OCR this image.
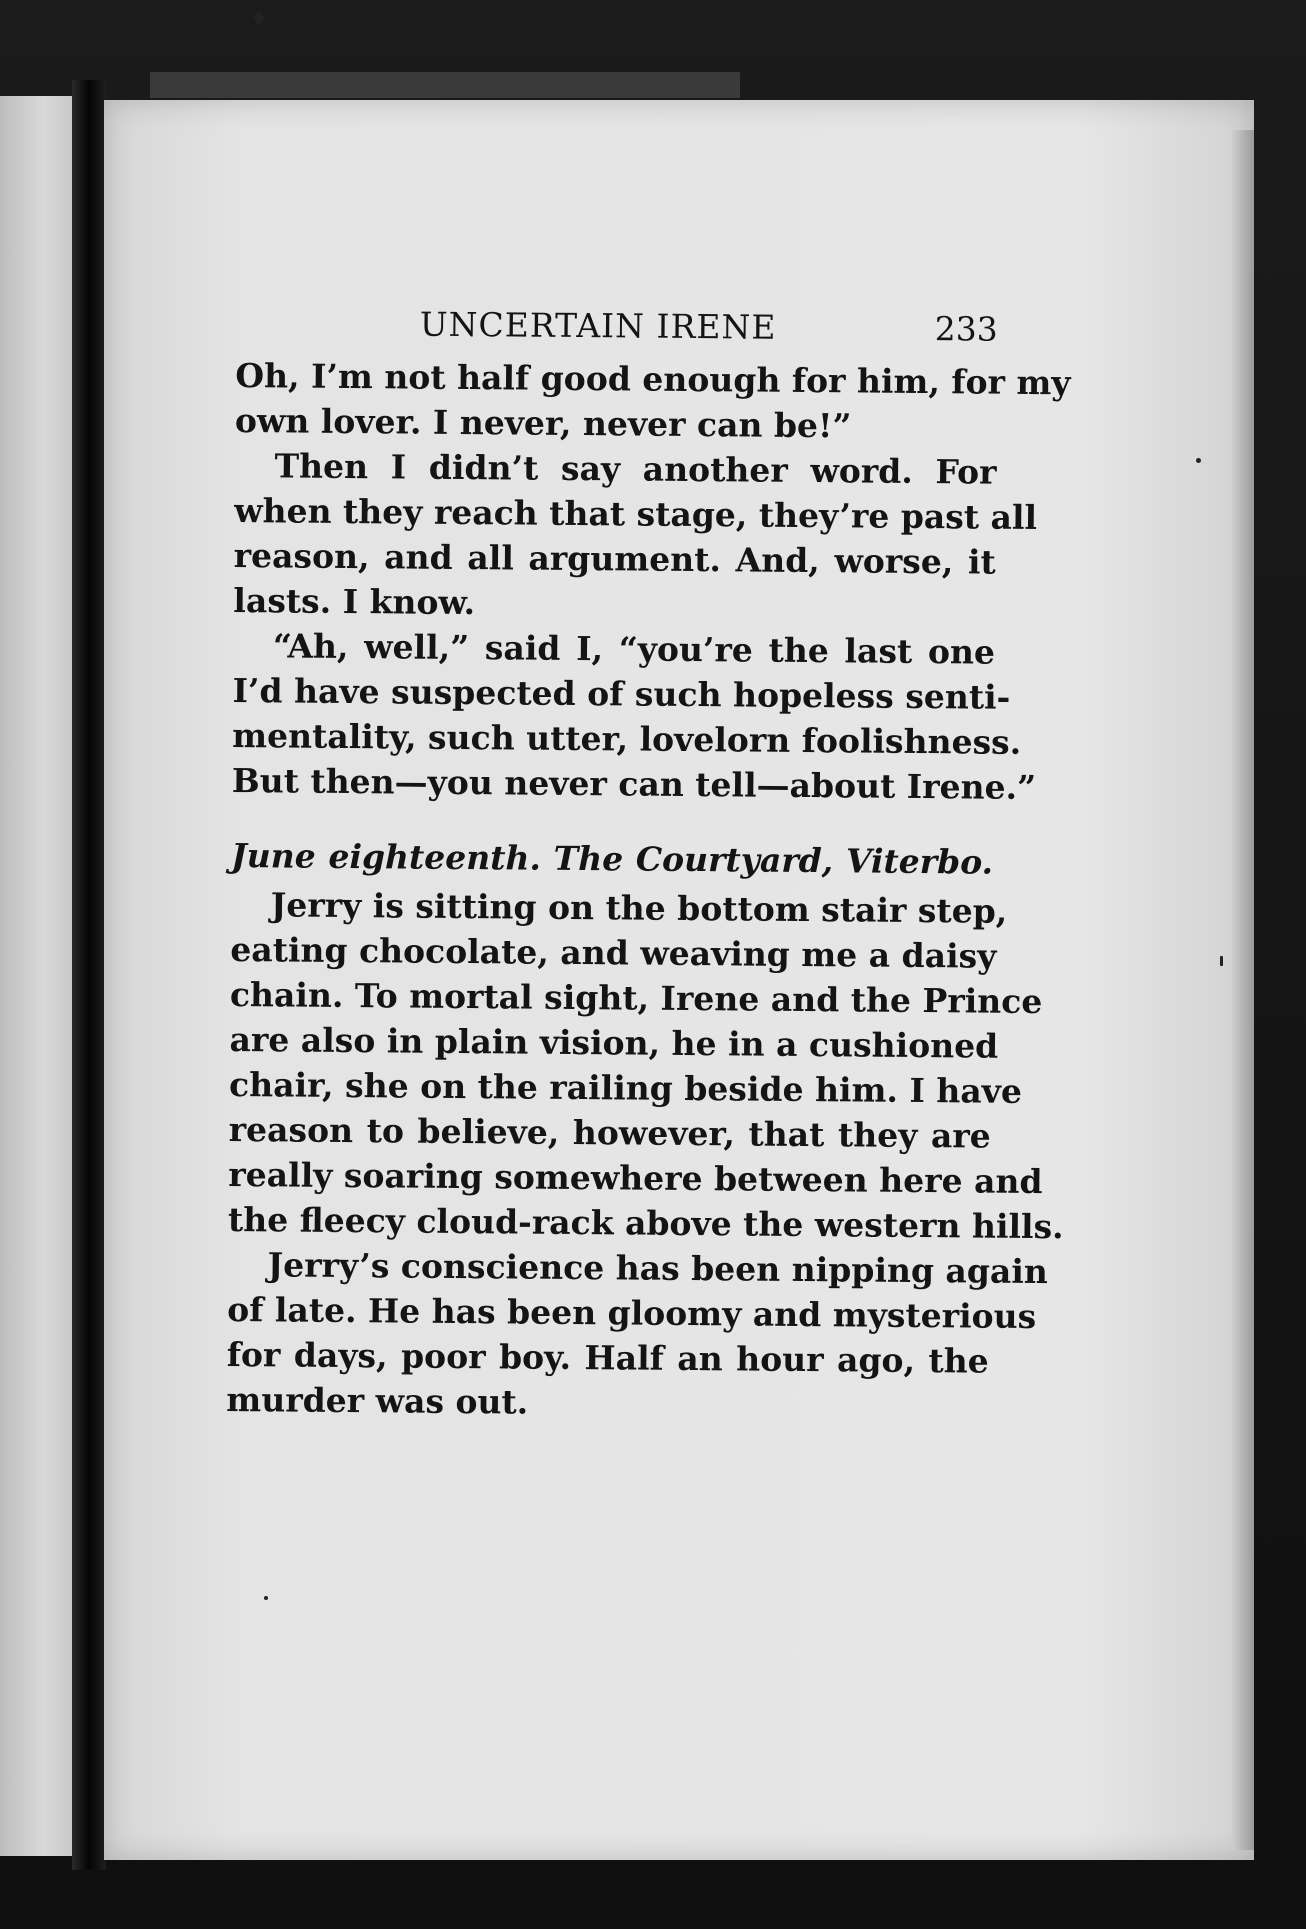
UNCERTAIN IRENE	233
Oh, I’m not half good enough for him, for my
own lover. I never, never can be!”
Then I didn’t say another word. For
when they reach that stage, they’re past all
reason, and all argument. And, worse, it
lasts. I know.
“Ah, well,” said I, “you’re the last one
I’d have suspected of such hopeless senti-
mentality, such utter, lovelorn foolishness.
But then—you never can tell—about Irene.”
June eighteenth. The Courtyard, Viterbo.
Jerry is sitting on the bottom stair step,
eating chocolate, and weaving me a daisy
chain. To mortal sight, Irene and the Prince
are also in plain vision, he in a cushioned
chair, she on the railing beside him. I have
reason to believe, however, that they are
really soaring somewhere between here and
the fleecy cloud-rack above the western hills.
Jerry’s conscience has been nipping again
of late. He has been gloomy and mysterious
for days, poor boy. Half an hour ago, the
murder was out.
